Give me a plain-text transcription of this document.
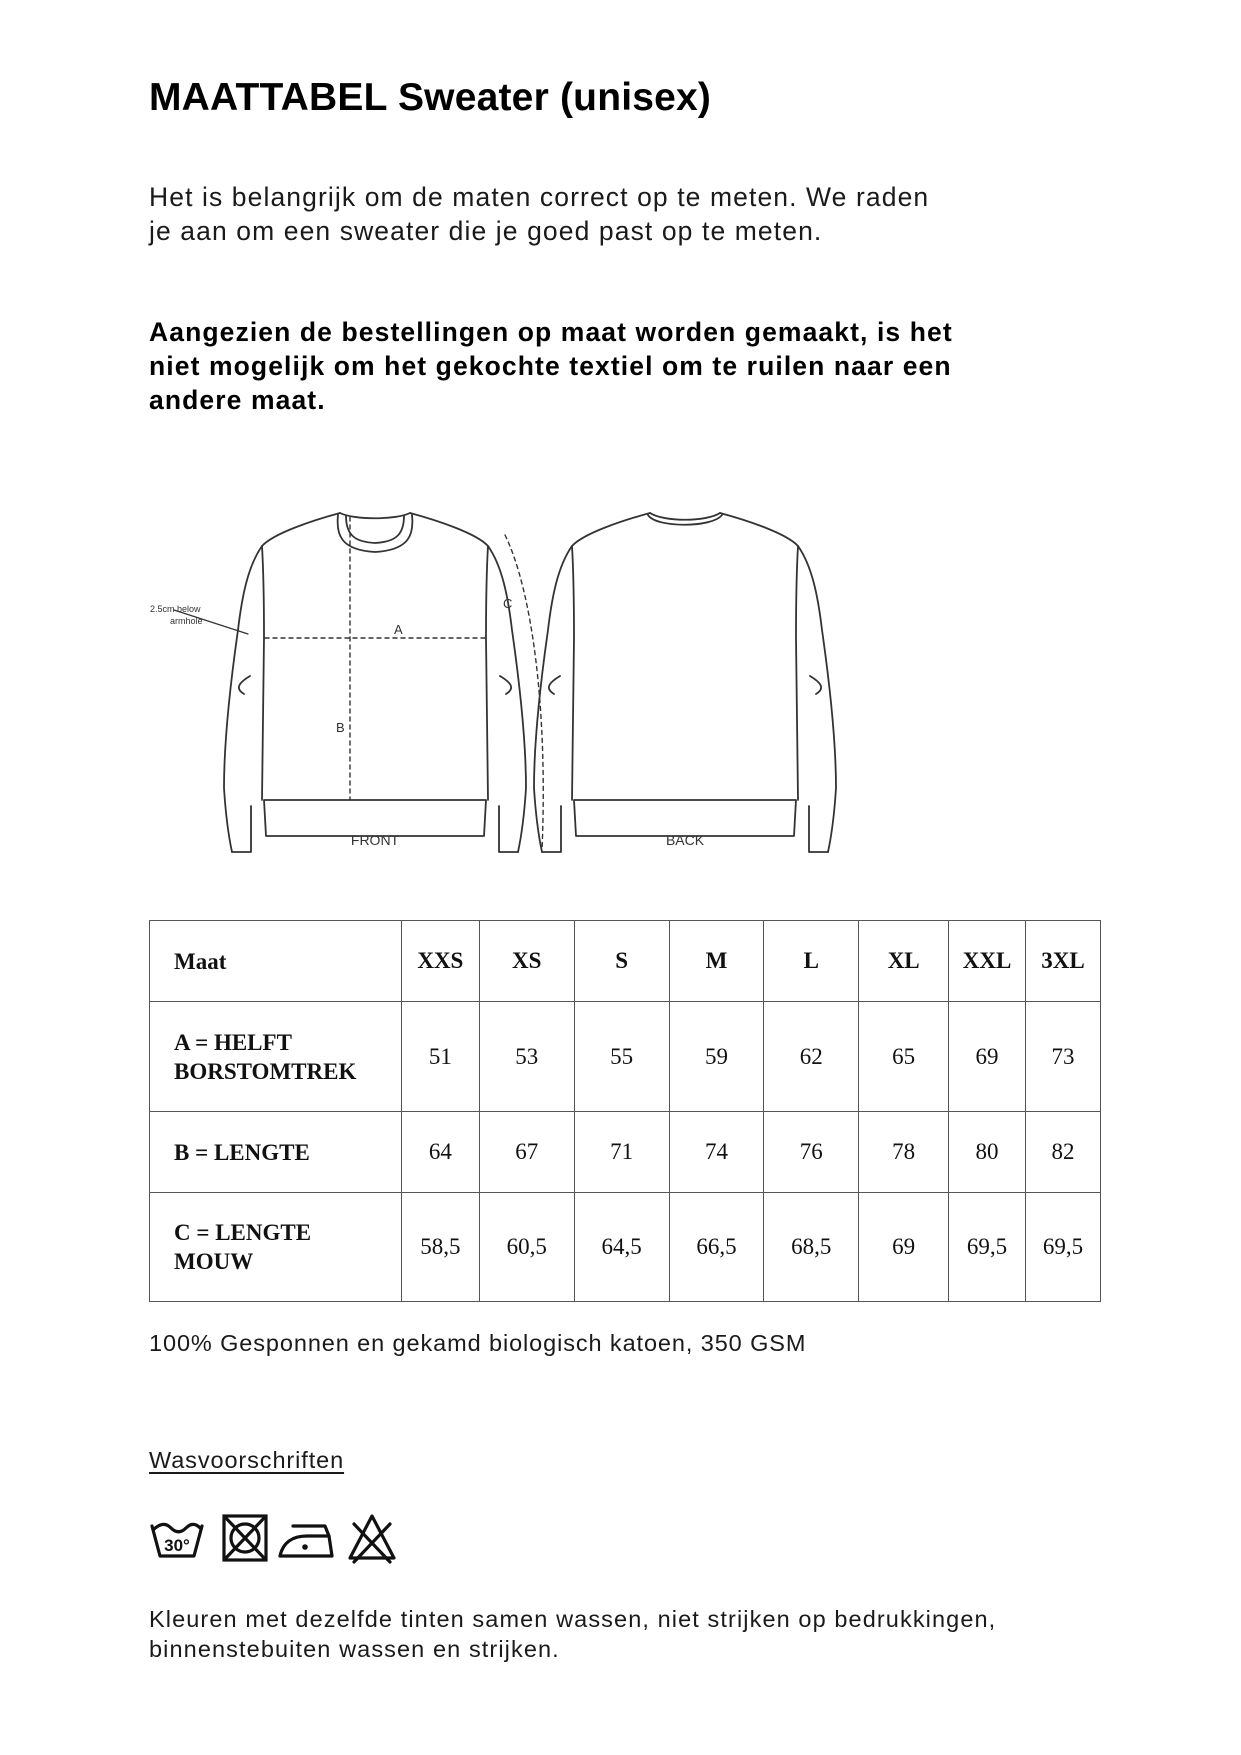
MAATTABEL Sweater (unisex)

Het is belangrijk om de maten correct op te meten. We raden je aan om een sweater die je goed past op te meten.

Aangezien de bestellingen op maat worden gemaakt, is het niet mogelijk om het gekochte textiel om te ruilen naar een andere maat.

FRONT	BACK
A
B
C
2.5cm below
armhole
Maat	XXS	XS	S	M	L	XL	XXL	3XL
A = HELFT
BORSTOMTREK	51	53	55	59	62	65	69	73
B = LENGTE	64	67	71	74	76	78	80	82
C = LENGTE
MOUW	58,5	60,5	64,5	66,5	68,5	69	69,5	69,5
100% Gesponnen en gekamd biologisch katoen, 350 GSM
Wasvoorschriften
30°

Kleuren met dezelfde tinten samen wassen, niet strijken op bedrukkingen, binnenstebuiten wassen en strijken.
